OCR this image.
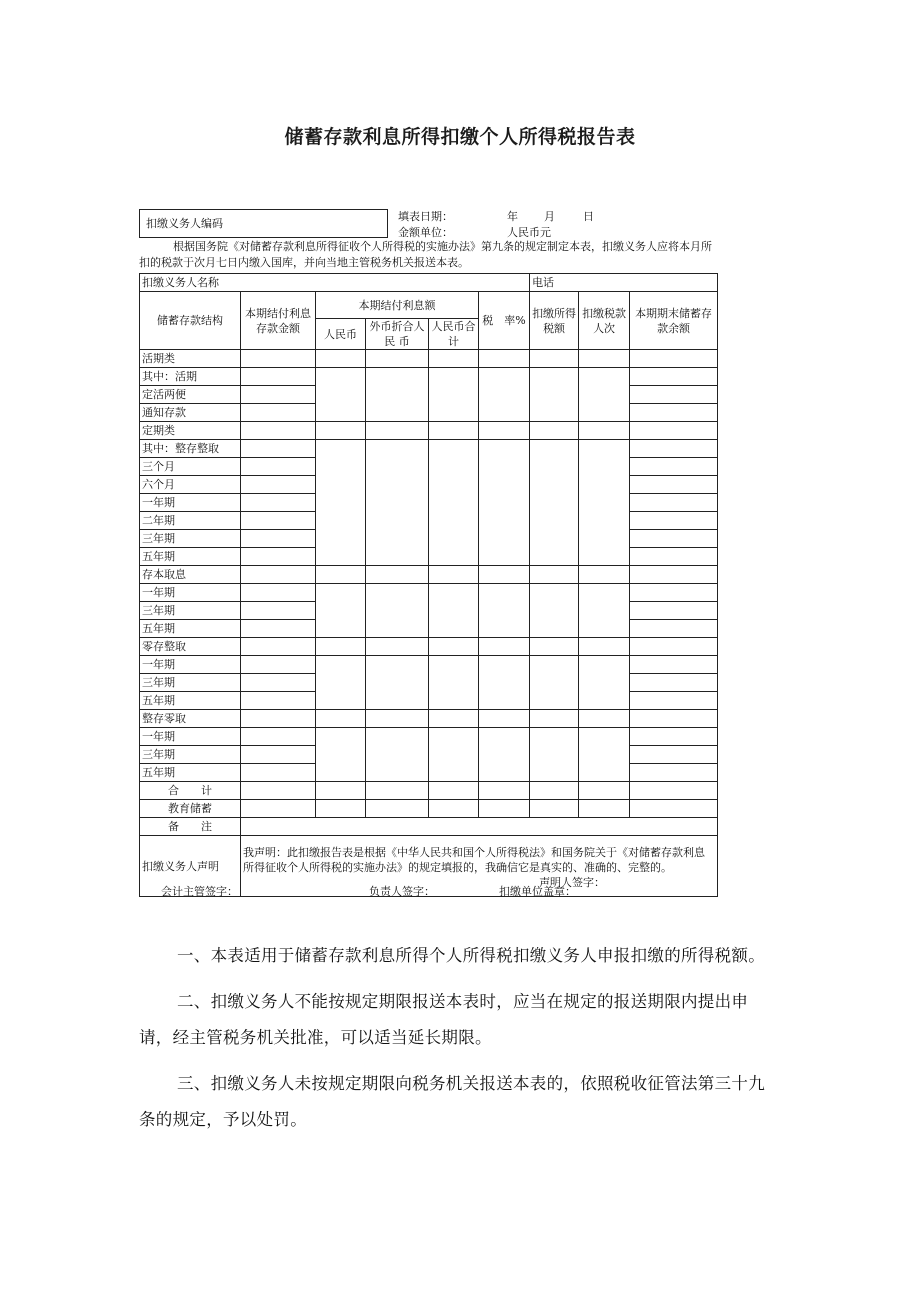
储蓄存款利息所得扣缴个人所得税报告表
扣缴义务人编码
填表日期：	年 月	日
金额单位：	人民币元

根据国务院《对储蓄存款利息所得征收个人所得税的实施办法》第九条的规定制定本表，扣缴义务人应将本月所扣的税款于次月七日内缴入国库，并向当地主管税务机关报送本表。

扣缴义务人名称						电话		
储蓄存款结构	本期结付利息存款金额	本期结付利息额			税　率%	扣缴所得税额	扣缴税款人次	本期期末储蓄存款余额
		人民币	外币折合人 民 币	人民币合 计				
活期类								
其中：活期								
定活两便								
通知存款								
定期类								
其中：整存整取								
三个月								
六个月								
一年期								
二年期								
三年期								
五年期								
存本取息								
一年期								
三年期								
五年期								
零存整取								
一年期								
三年期								
五年期								
整存零取								
一年期								
三年期								
五年期								
合　　计								
教育储蓄								
备　　注								
扣缴义务人声明	我声明：此扣缴报告表是根据《中华人民共和国个人所得税法》和国务院关于《对储蓄存款利息所得征收个人所得税的实施办法》的规定填报的，我确信它是真实的、准确的、完整的。
声明人签字：							
会计主管签字：	负责人签字：	扣缴单位盖章：

一、本表适用于储蓄存款利息所得个人所得税扣缴义务人申报扣缴的所得税额。

二、扣缴义务人不能按规定期限报送本表时，应当在规定的报送期限内提出申请，经主管税务机关批准，可以适当延长期限。

三、扣缴义务人未按规定期限向税务机关报送本表的，依照税收征管法第三十九条的规定，予以处罚。
